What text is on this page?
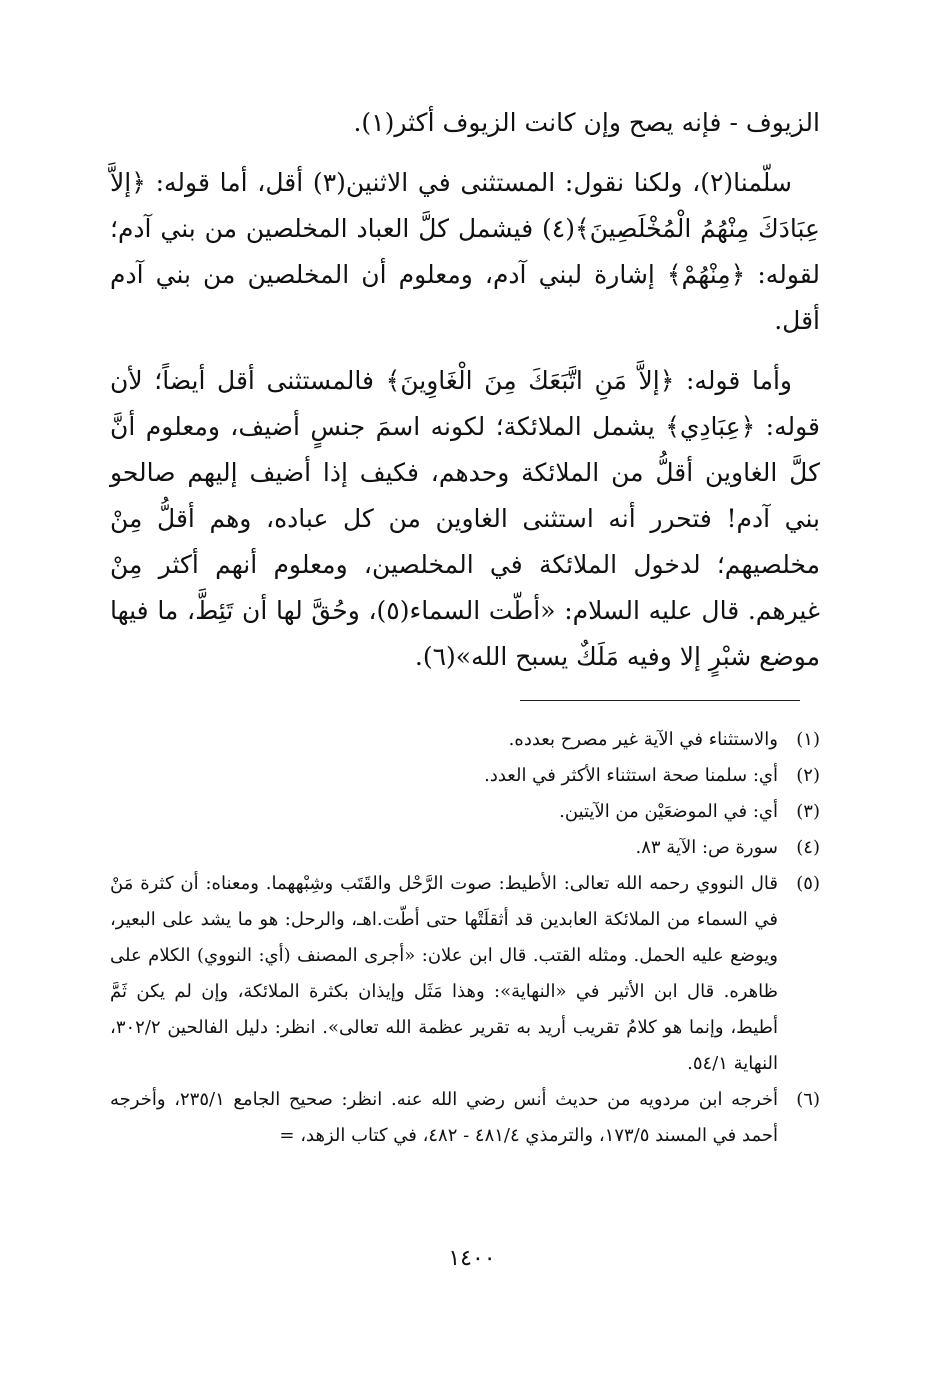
الزيوف - فإنه يصح وإن كانت الزيوف أكثر(١).

سلّمنا(٢)، ولكنا نقول: المستثنى في الاثنين(٣) أقل، أما قوله: ﴿إلاَّ عِبَادَكَ مِنْهُمُ الْمُخْلَصِينَ﴾(٤) فيشمل كلَّ العباد المخلصين من بني آدم؛ لقوله: ﴿مِنْهُمْ﴾ إشارة لبني آدم، ومعلوم أن المخلصين من بني آدم أقل.

وأما قوله: ﴿إلاَّ مَنِ اتَّبَعَكَ مِنَ الْغَاوِينَ﴾ فالمستثنى أقل أيضاً؛ لأن قوله: ﴿عِبَادِي﴾ يشمل الملائكة؛ لكونه اسمَ جنسٍ أضيف، ومعلوم أنَّ كلَّ الغاوين أقلُّ من الملائكة وحدهم، فكيف إذا أضيف إليهم صالحو بني آدم! فتحرر أنه استثنى الغاوين من كل عباده، وهم أقلُّ مِنْ مخلصيهم؛ لدخول الملائكة في المخلصين، ومعلوم أنهم أكثر مِنْ غيرهم. قال عليه السلام: «أطّت السماء(٥)، وحُقَّ لها أن تَئِطَّ، ما فيها موضع شبْرٍ إلا وفيه مَلَكٌ يسبح الله»(٦).

(١)
والاستثناء في الآية غير مصرح بعدده.
(٢)
أي: سلمنا صحة استثناء الأكثر في العدد.
(٣)
أي: في الموضعَيْن من الآيتين.
(٤)
سورة ص: الآية ٨٣.
(٥)
قال النووي رحمه الله تعالى: الأطيط: صوت الرَّحْل والقَتَب وشِبْههما. ومعناه: أن كثرة مَنْ في السماء من الملائكة العابدين قد أثقلَتْها حتى أطّت.اهـ، والرحل: هو ما يشد على البعير، ويوضع عليه الحمل. ومثله القتب. قال ابن علان: «أجرى المصنف (أي: النووي) الكلام على ظاهره. قال ابن الأثير في «النهاية»: وهذا مَثَل وإيذان بكثرة الملائكة، وإن لم يكن ثَمَّ أطيط، وإنما هو كلامُ تقريب أريد به تقرير عظمة الله تعالى». انظر: دليل الفالحين ٣٠٢/٢، النهاية ٥٤/١.
(٦)
أخرجه ابن مردويه من حديث أنس رضي الله عنه. انظر: صحيح الجامع ٢٣٥/١، وأخرجه أحمد في المسند ١٧٣/٥، والترمذي ٤٨١/٤ - ٤٨٢، في كتاب الزهد، =
١٤٠٠
